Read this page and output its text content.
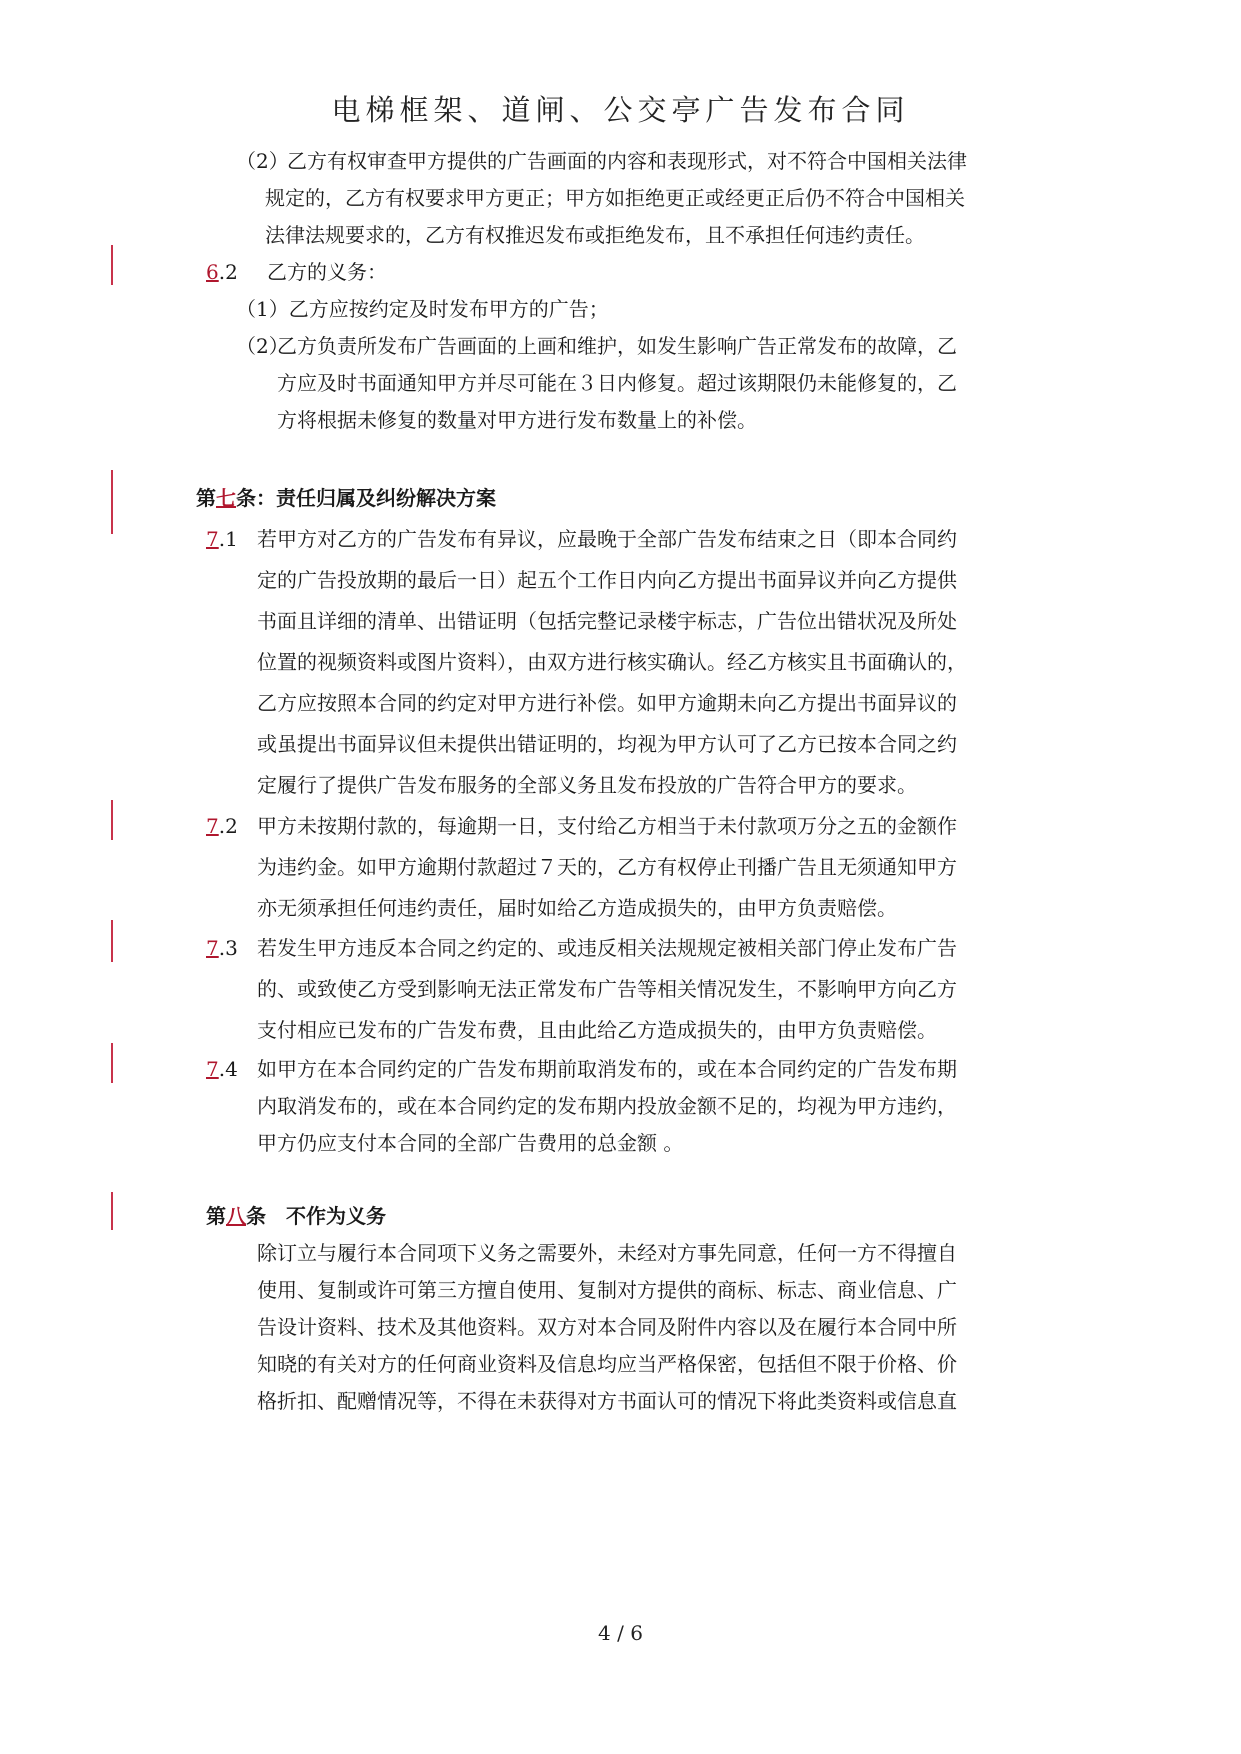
电梯框架、道闸、公交亭广告发布合同
（2）
乙方有权审查甲方提供的广告画面的内容和表现形式，对不符合中国相关法律
规定的，乙方有权要求甲方更正；甲方如拒绝更正或经更正后仍不符合中国相关
法律法规要求的，乙方有权推迟发布或拒绝发布，且不承担任何违约责任。
6.2 乙方的义务：
（1）乙方应按约定及时发布甲方的广告；
（2）
乙方负责所发布广告画面的上画和维护，如发生影响广告正常发布的故障，乙
方应及时书面通知甲方并尽可能在３日内修复。超过该期限仍未能修复的，乙
方将根据未修复的数量对甲方进行发布数量上的补偿。
第七条：责任归属及纠纷解决方案
7.1 若甲方对乙方的广告发布有异议，应最晚于全部广告发布结束之日（即本合同约
定的广告投放期的最后一日）起五个工作日内向乙方提出书面异议并向乙方提供
书面且详细的清单、出错证明（包括完整记录楼宇标志，广告位出错状况及所处
位置的视频资料或图片资料），由双方进行核实确认。经乙方核实且书面确认的，
乙方应按照本合同的约定对甲方进行补偿。如甲方逾期未向乙方提出书面异议的
或虽提出书面异议但未提供出错证明的，均视为甲方认可了乙方已按本合同之约
定履行了提供广告发布服务的全部义务且发布投放的广告符合甲方的要求。
7.2 甲方未按期付款的，每逾期一日，支付给乙方相当于未付款项万分之五的金额作
为违约金。如甲方逾期付款超过７天的，乙方有权停止刊播广告且无须通知甲方
亦无须承担任何违约责任，届时如给乙方造成损失的，由甲方负责赔偿。
7.3 若发生甲方违反本合同之约定的、或违反相关法规规定被相关部门停止发布广告
的、或致使乙方受到影响无法正常发布广告等相关情况发生，不影响甲方向乙方
支付相应已发布的广告发布费，且由此给乙方造成损失的，由甲方负责赔偿。
7.4 如甲方在本合同约定的广告发布期前取消发布的，或在本合同约定的广告发布期
内取消发布的，或在本合同约定的发布期内投放金额不足的，均视为甲方违约，
甲方仍应支付本合同的全部广告费用的总金额 。
第八条　不作为义务
除订立与履行本合同项下义务之需要外，未经对方事先同意，任何一方不得擅自
使用、复制或许可第三方擅自使用、复制对方提供的商标、标志、商业信息、广
告设计资料、技术及其他资料。双方对本合同及附件内容以及在履行本合同中所
知晓的有关对方的任何商业资料及信息均应当严格保密，包括但不限于价格、价
格折扣、配赠情况等，不得在未获得对方书面认可的情况下将此类资料或信息直
4 / 6
